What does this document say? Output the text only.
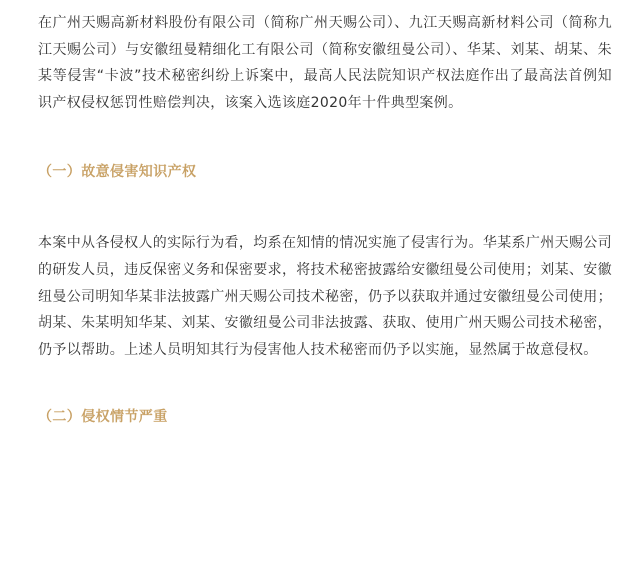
在广州天赐高新材料股份有限公司（简称广州天赐公司）、九江天赐高新材料公司（简称九江天赐公司）与安徽纽曼精细化工有限公司（简称安徽纽曼公司）、华某、刘某、胡某、朱某等侵害“卡波”技术秘密纠纷上诉案中，最高人民法院知识产权法庭作出了最高法首例知识产权侵权惩罚性赔偿判决，该案入选该庭2020年十件典型案例。

（一）故意侵害知识产权

本案中从各侵权人的实际行为看，均系在知情的情况实施了侵害行为。华某系广州天赐公司的研发人员，违反保密义务和保密要求，将技术秘密披露给安徽纽曼公司使用；刘某、安徽纽曼公司明知华某非法披露广州天赐公司技术秘密，仍予以获取并通过安徽纽曼公司使用；胡某、朱某明知华某、刘某、安徽纽曼公司非法披露、获取、使用广州天赐公司技术秘密，仍予以帮助。上述人员明知其行为侵害他人技术秘密而仍予以实施，显然属于故意侵权。

（二）侵权情节严重
